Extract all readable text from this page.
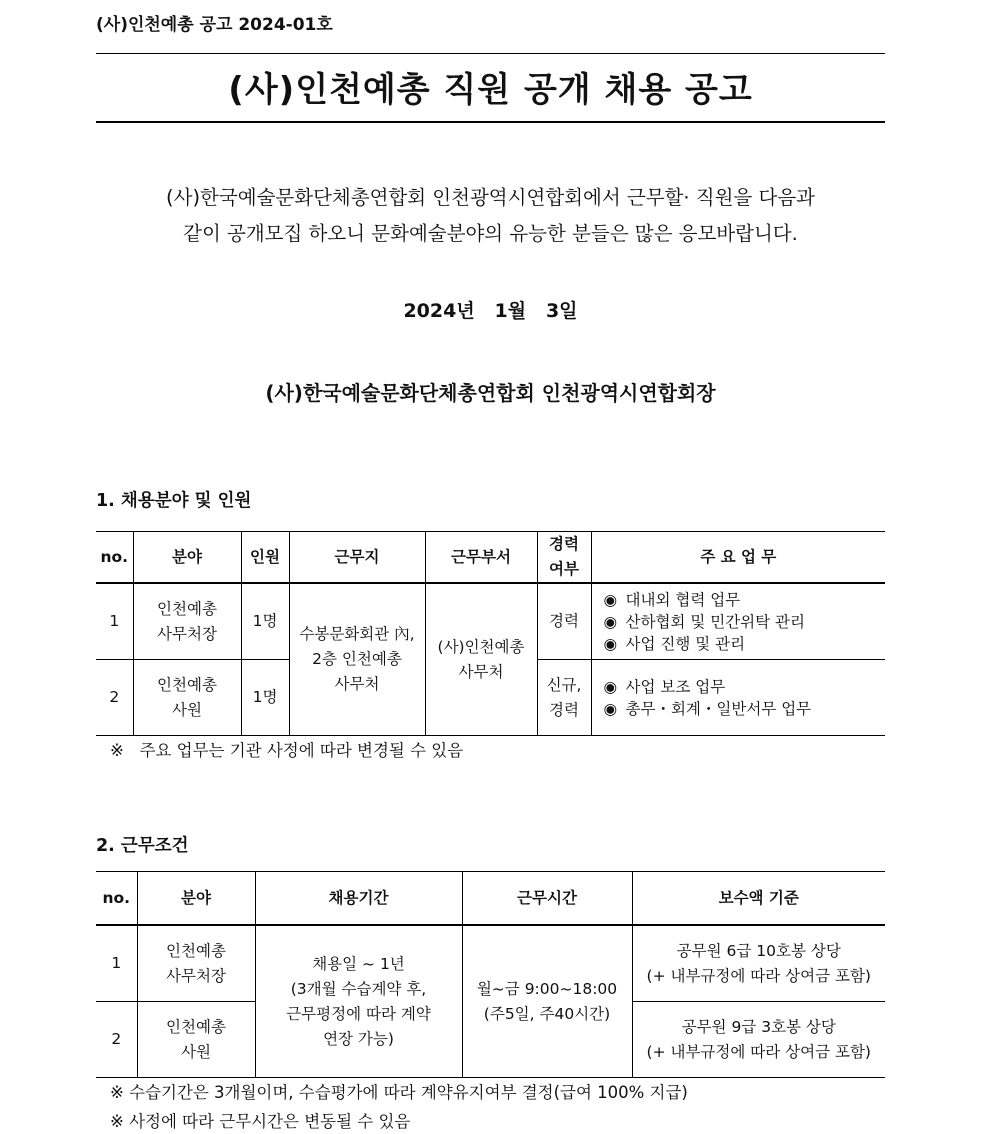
(사)인천예총 공고 2024-01호
(사)인천예총 직원 공개 채용 공고
(사)한국예술문화단체총연합회 인천광역시연합회에서 근무할· 직원을 다음과
같이 공개모집 하오니 문화예술분야의 유능한 분들은 많은 응모바랍니다.
2024년   1월   3일
(사)한국예술문화단체총연합회 인천광역시연합회장
1. 채용분야 및 인원
no.	분야	인원	근무지	근무부서	경력
여부	주 요 업 무
1	인천예총
사무처장	1명	수봉문화회관 內,
2층 인천예총
사무처	(사)인천예총
사무처	경력	◉ 대내외 협력 업무
◉ 산하협회 및 민간위탁 관리
◉ 사업 진행 및 관리

2	인천예총
사원	1명			신규,
경력	◉ 사업 보조 업무
◉ 총무・회계・일반서무 업무
※   주요 업무는 기관 사정에 따라 변경될 수 있음
2. 근무조건
no.	분야	채용기간	근무시간	보수액 기준
1	인천예총
사무처장	채용일 ~ 1년
(3개월 수습계약 후,
근무평정에 따라 계약
연장 가능)	월~금 9:00~18:00
(주5일, 주40시간)	공무원 6급 10호봉 상당
(+ 내부규정에 따라 상여금 포함)

2	인천예총
사원			공무원 9급 3호봉 상당
(+ 내부규정에 따라 상여금 포함)
※ 수습기간은 3개월이며, 수습평가에 따라 계약유지여부 결정(급여 100% 지급)
※ 사정에 따라 근무시간은 변동될 수 있음
